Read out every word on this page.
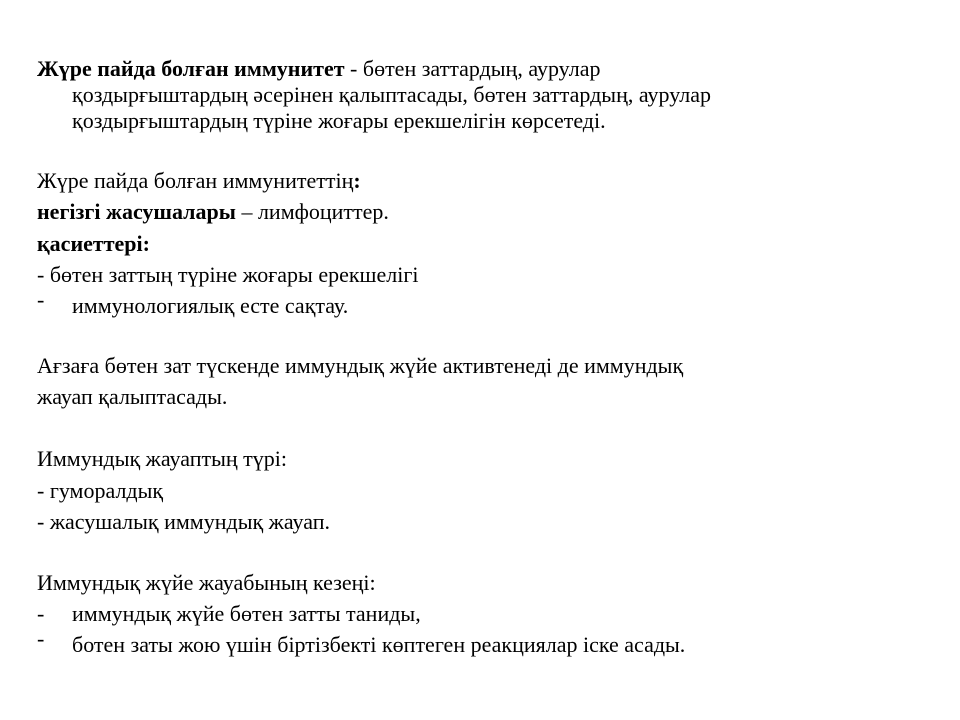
Жүре пайда болған иммунитет - бөтен заттардың, аурулар
қоздырғыштардың әсерінен қалыптасады, бөтен заттардың, аурулар
қоздырғыштардың түріне жоғары ерекшелігін көрсетеді.
Жүре пайда болған иммунитеттің:
негізгі жасушалары – лимфоциттер.
қасиеттері:
- бөтен заттың түріне жоғары ерекшелігі
- иммунологиялық есте сақтау.
Ағзаға бөтен зат түскенде иммундық жүйе активтенеді де иммундық
жауап қалыптасады.
Иммундық жауаптың түрі:
- гуморалдық
- жасушалық иммундық жауап.
Иммундық жүйе жауабының кезеңі:
- иммундық жүйе бөтен затты таниды,
- ботен заты жою үшін біртізбекті көптеген реакциялар іске асады.
